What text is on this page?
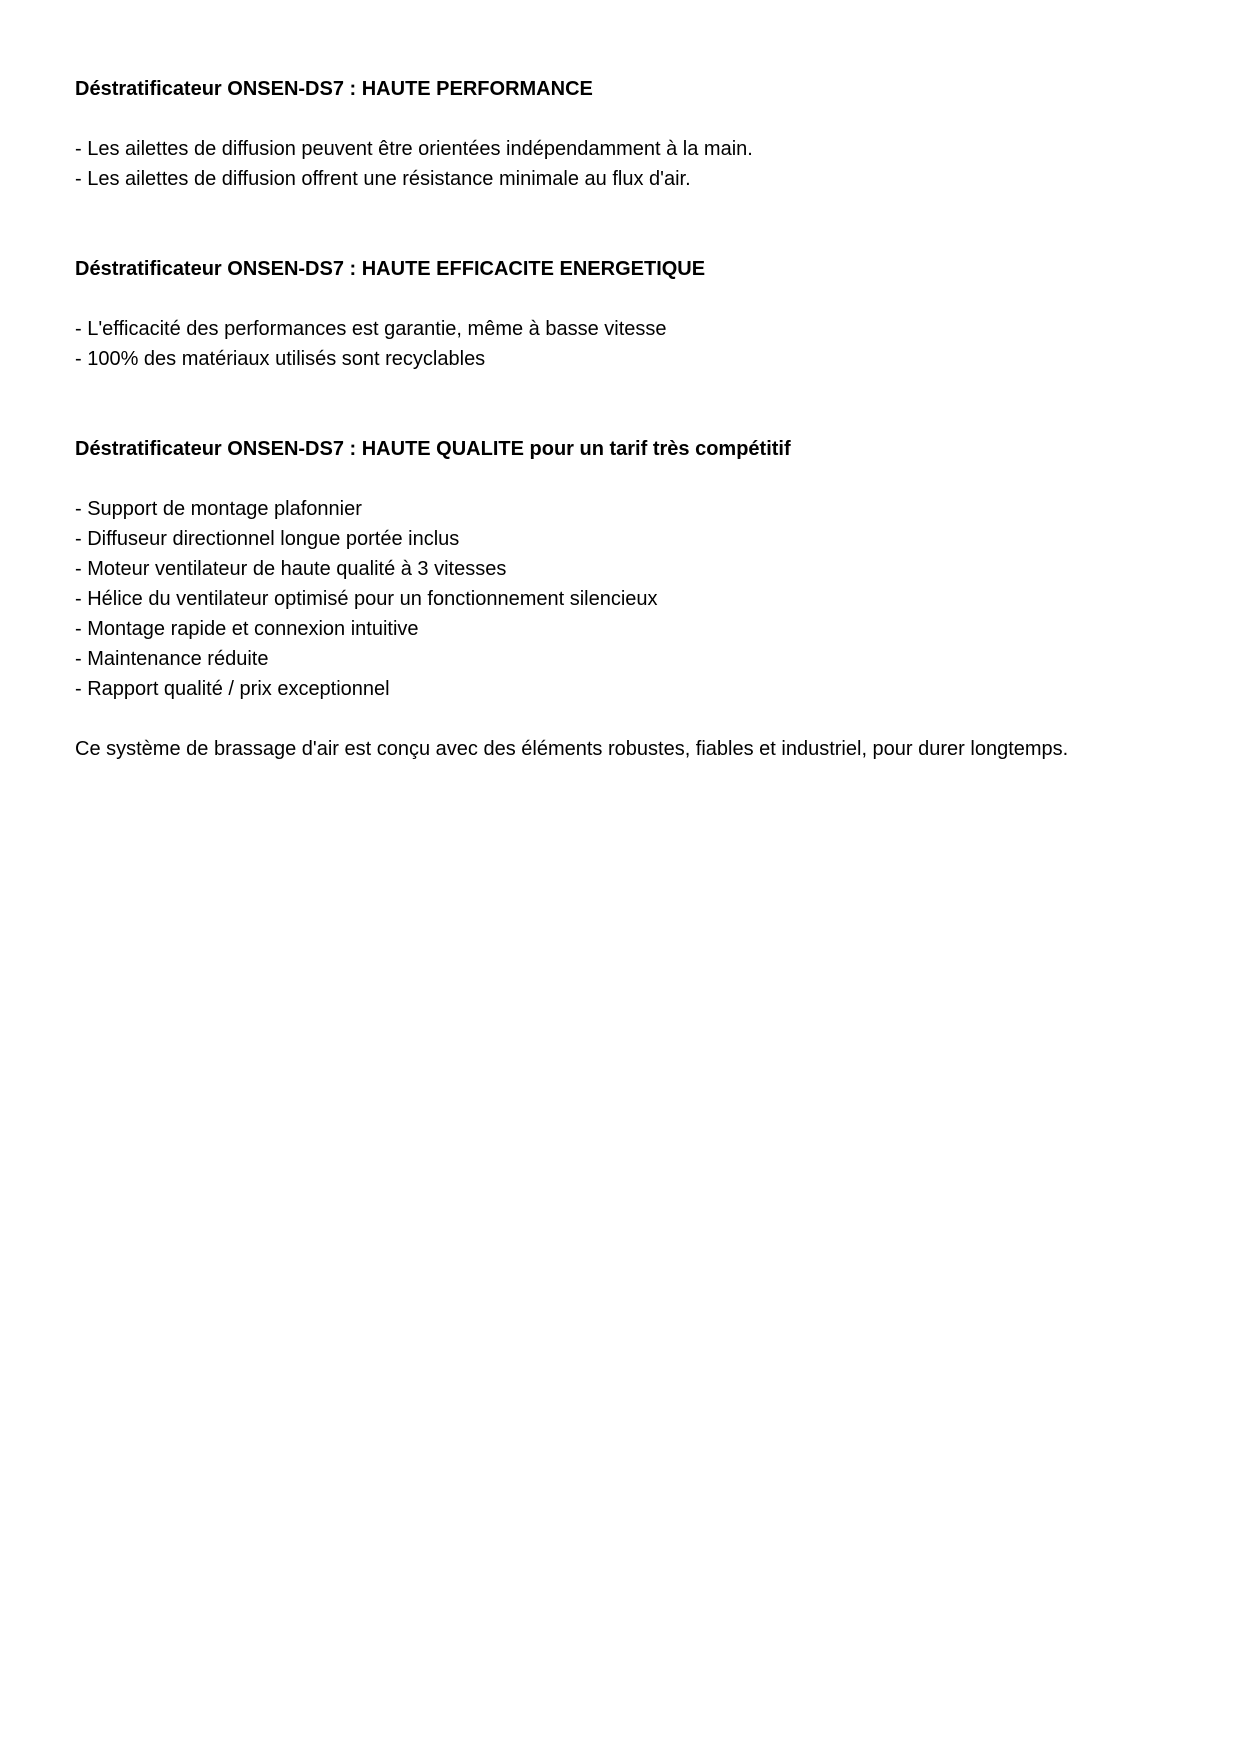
Déstratificateur ONSEN-DS7 : HAUTE PERFORMANCE

- Les ailettes de diffusion peuvent être orientées indépendamment à la main.
- Les ailettes de diffusion offrent une résistance minimale au flux d'air.

Déstratificateur ONSEN-DS7 : HAUTE EFFICACITE ENERGETIQUE

- L'efficacité des performances est garantie, même à basse vitesse
- 100% des matériaux utilisés sont recyclables

Déstratificateur ONSEN-DS7 : HAUTE QUALITE pour un tarif très compétitif

- Support de montage plafonnier
- Diffuseur directionnel longue portée inclus
- Moteur ventilateur de haute qualité à 3 vitesses
- Hélice du ventilateur optimisé pour un fonctionnement silencieux
- Montage rapide et connexion intuitive
- Maintenance réduite
- Rapport qualité / prix exceptionnel

Ce système de brassage d'air est conçu avec des éléments robustes, fiables et industriel, pour durer longtemps.
